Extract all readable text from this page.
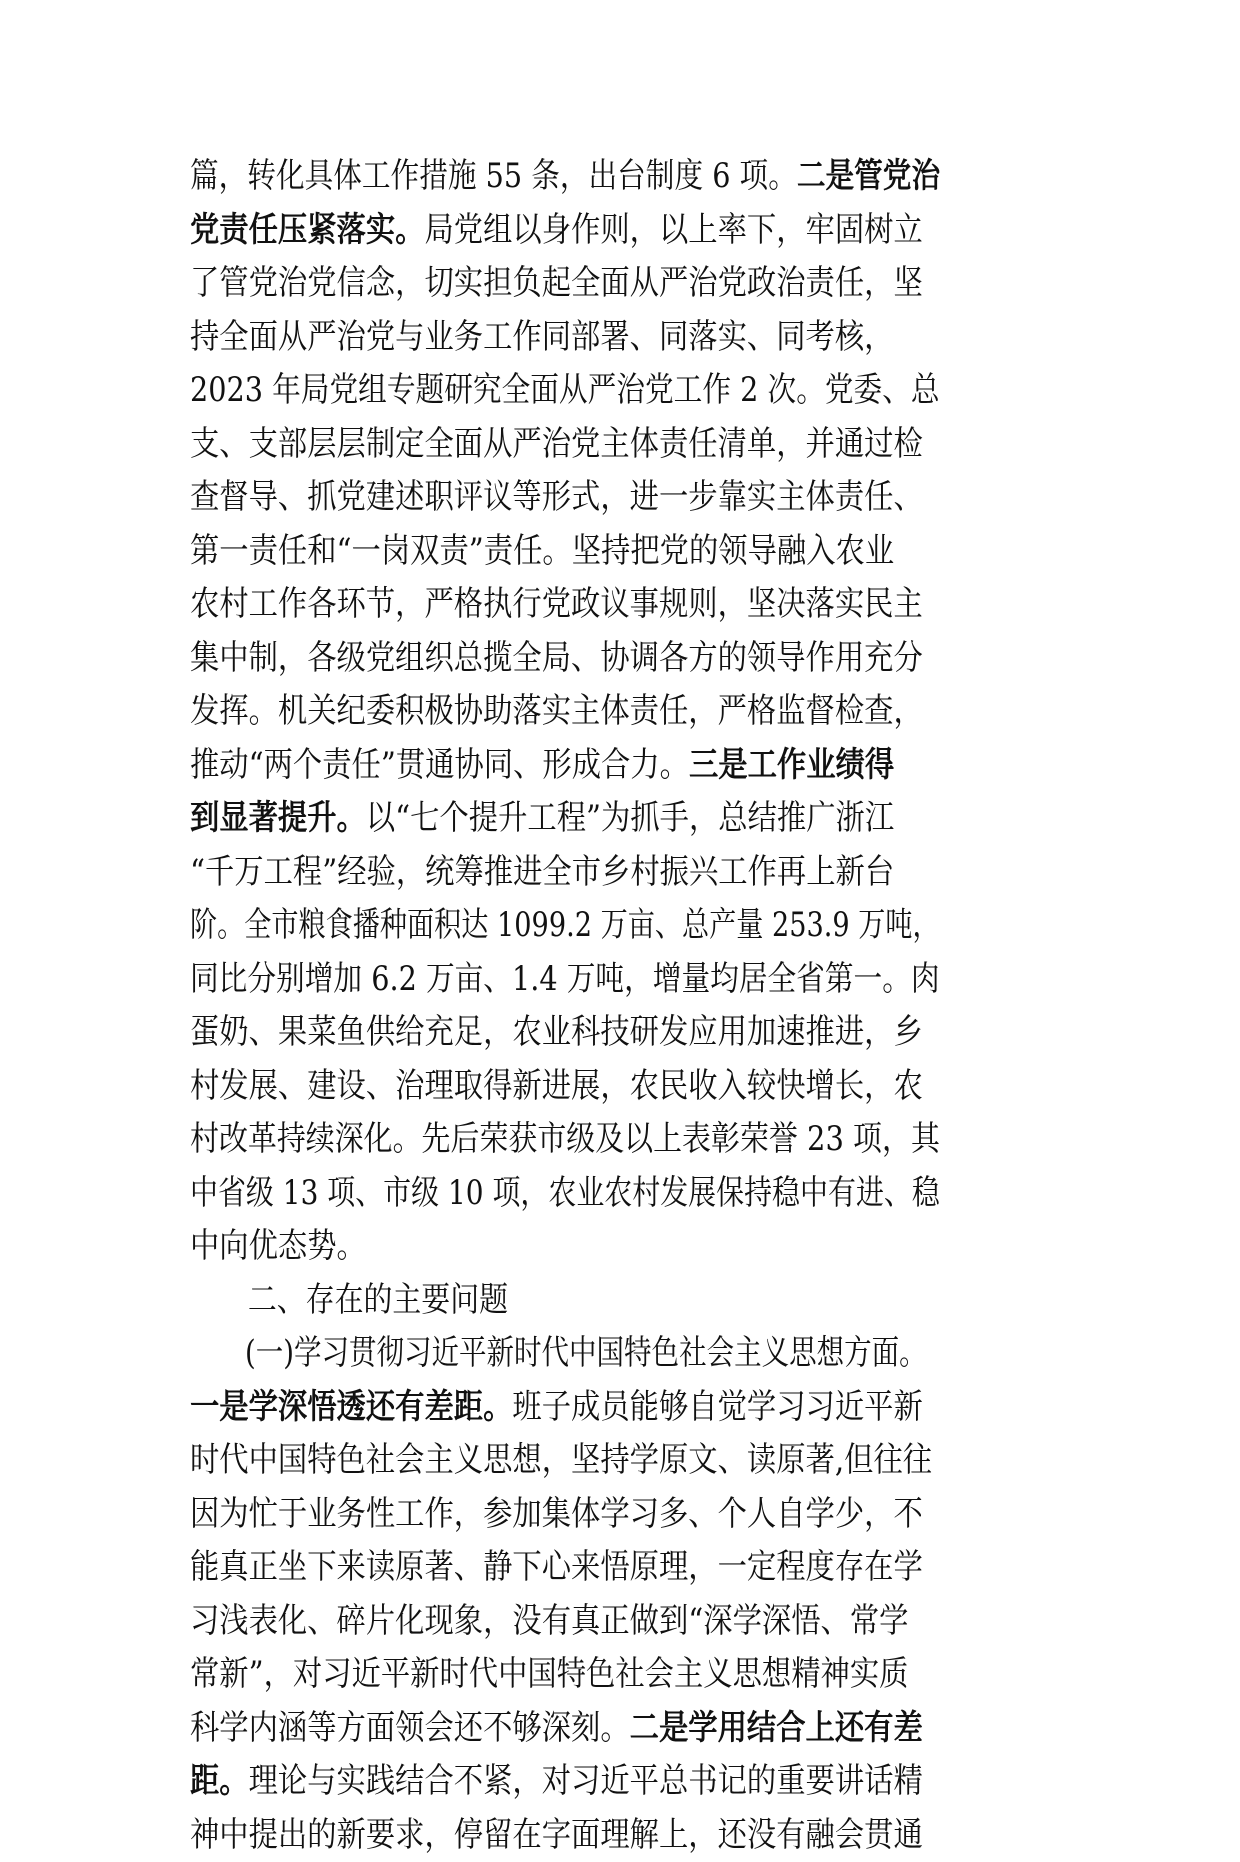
篇，转化具体工作措施 55 条，出台制度 6 项。二是管党治
党责任压紧落实。局党组以身作则，以上率下，牢固树立
了管党治党信念，切实担负起全面从严治党政治责任，坚
持全面从严治党与业务工作同部署、同落实、同考核，
2023 年局党组专题研究全面从严治党工作 2 次。党委、总
支、支部层层制定全面从严治党主体责任清单，并通过检
查督导、抓党建述职评议等形式，进一步靠实主体责任、
第一责任和“一岗双责”责任。坚持把党的领导融入农业
农村工作各环节，严格执行党政议事规则，坚决落实民主
集中制，各级党组织总揽全局、协调各方的领导作用充分
发挥。机关纪委积极协助落实主体责任，严格监督检查，
推动“两个责任”贯通协同、形成合力。三是工作业绩得
到显著提升。以“七个提升工程”为抓手，总结推广浙江
“千万工程”经验，统筹推进全市乡村振兴工作再上新台
阶。全市粮食播种面积达 1099.2 万亩、总产量 253.9 万吨，
同比分别增加 6.2 万亩、1.4 万吨，增量均居全省第一。肉
蛋奶、果菜鱼供给充足，农业科技研发应用加速推进，乡
村发展、建设、治理取得新进展，农民收入较快增长，农
村改革持续深化。先后荣获市级及以上表彰荣誉 23 项，其
中省级 13 项、市级 10 项，农业农村发展保持稳中有进、稳
中向优态势。
二、存在的主要问题
(一)学习贯彻习近平新时代中国特色社会主义思想方面。
一是学深悟透还有差距。班子成员能够自觉学习习近平新
时代中国特色社会主义思想，坚持学原文、读原著,但往往
因为忙于业务性工作，参加集体学习多、个人自学少，不
能真正坐下来读原著、静下心来悟原理，一定程度存在学
习浅表化、碎片化现象，没有真正做到“深学深悟、常学
常新”，对习近平新时代中国特色社会主义思想精神实质
科学内涵等方面领会还不够深刻。二是学用结合上还有差
距。理论与实践结合不紧，对习近平总书记的重要讲话精
神中提出的新要求，停留在字面理解上，还没有融会贯通
